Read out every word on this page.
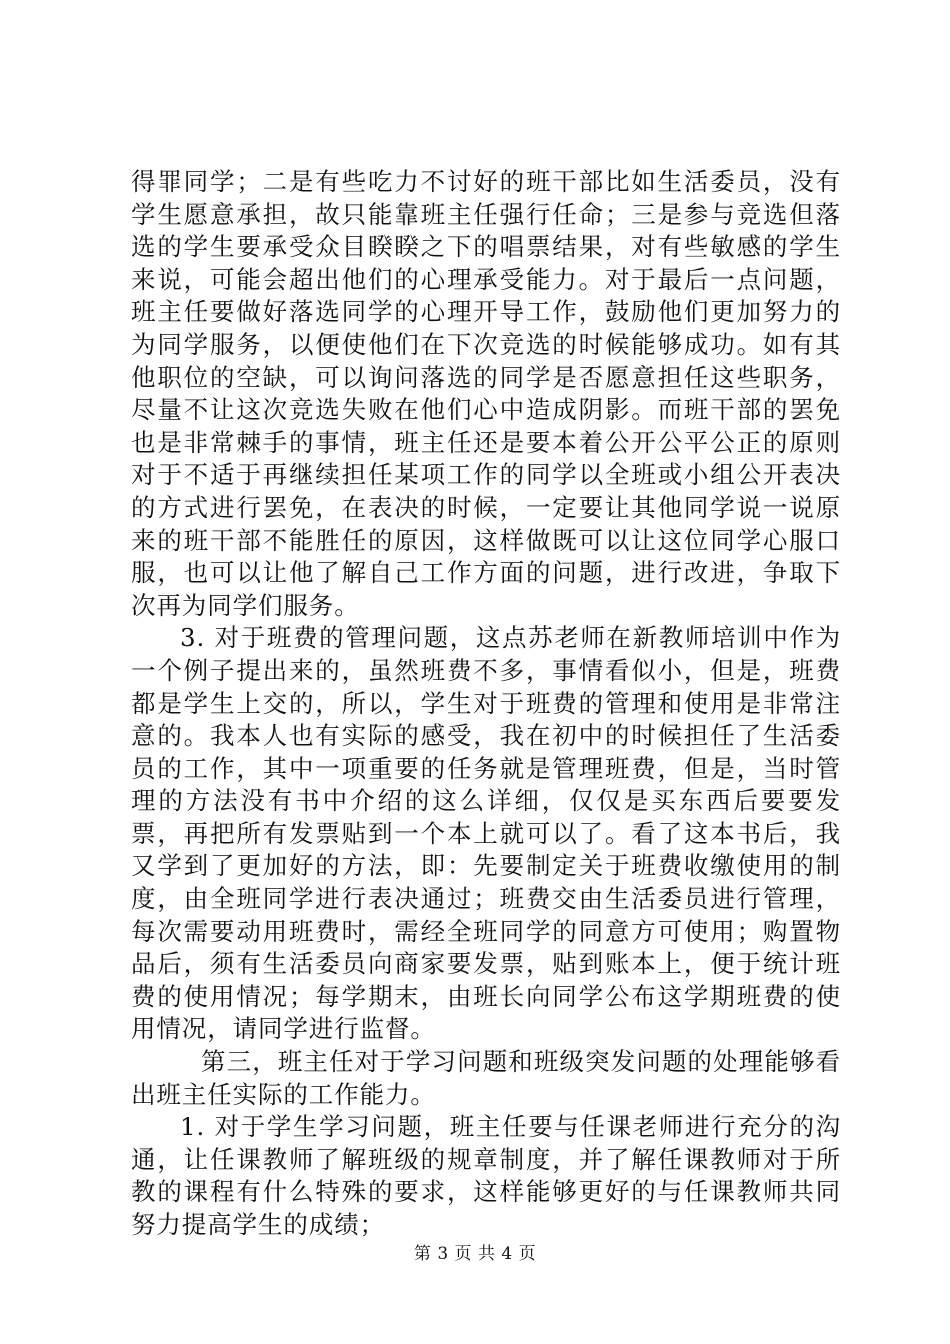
得罪同学；二是有些吃力不讨好的班干部比如生活委员，没有学生愿意承担，故只能靠班主任强行任命；三是参与竞选但落选的学生要承受众目睽睽之下的唱票结果，对有些敏感的学生来说，可能会超出他们的心理承受能力。对于最后一点问题，班主任要做好落选同学的心理开导工作，鼓励他们更加努力的为同学服务，以便使他们在下次竞选的时候能够成功。如有其他职位的空缺，可以询问落选的同学是否愿意担任这些职务，尽量不让这次竞选失败在他们心中造成阴影。而班干部的罢免也是非常棘手的事情，班主任还是要本着公开公平公正的原则对于不适于再继续担任某项工作的同学以全班或小组公开表决的方式进行罢免，在表决的时候，一定要让其他同学说一说原来的班干部不能胜任的原因，这样做既可以让这位同学心服口服，也可以让他了解自己工作方面的问题，进行改进，争取下次再为同学们服务。

3. 对于班费的管理问题，这点苏老师在新教师培训中作为一个例子提出来的，虽然班费不多，事情看似小，但是，班费都是学生上交的，所以，学生对于班费的管理和使用是非常注意的。我本人也有实际的感受，我在初中的时候担任了生活委员的工作，其中一项重要的任务就是管理班费，但是，当时管理的方法没有书中介绍的这么详细，仅仅是买东西后要要发票，再把所有发票贴到一个本上就可以了。看了这本书后，我又学到了更加好的方法，即：先要制定关于班费收缴使用的制度，由全班同学进行表决通过；班费交由生活委员进行管理，每次需要动用班费时，需经全班同学的同意方可使用；购置物品后，须有生活委员向商家要发票，贴到账本上，便于统计班费的使用情况；每学期末，由班长向同学公布这学期班费的使用情况，请同学进行监督。

第三，班主任对于学习问题和班级突发问题的处理能够看出班主任实际的工作能力。

1. 对于学生学习问题，班主任要与任课老师进行充分的沟通，让任课教师了解班级的规章制度，并了解任课教师对于所教的课程有什么特殊的要求，这样能够更好的与任课教师共同努力提高学生的成绩；

第 3 页 共 4 页
